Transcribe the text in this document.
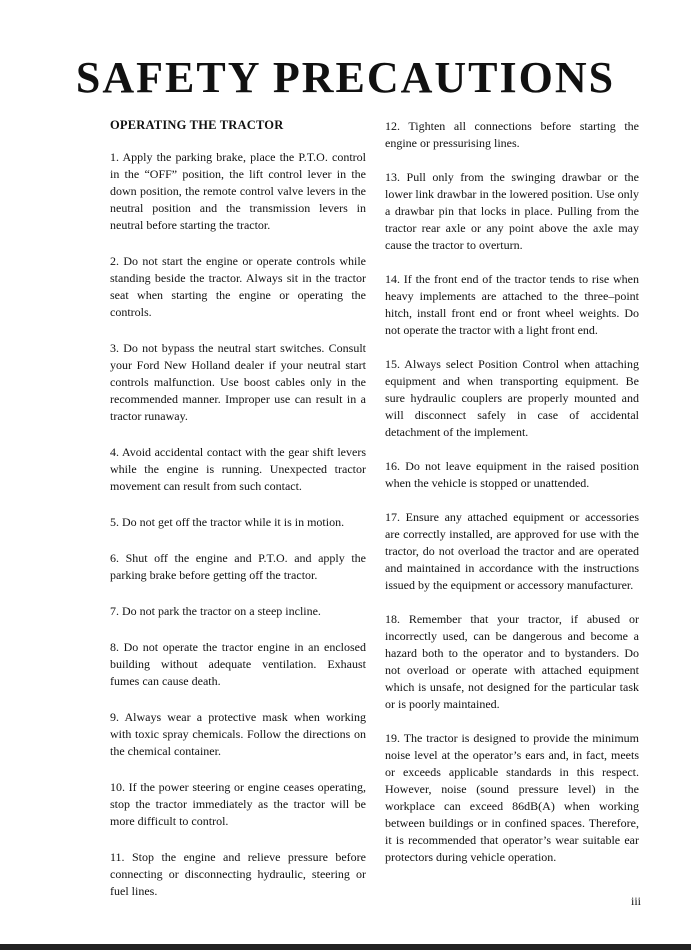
SAFETY PRECAUTIONS
OPERATING THE TRACTOR

1. Apply the parking brake, place the P.T.O. control in the “OFF” position, the lift control lever in the down position, the remote control valve levers in the neutral position and the transmission levers in neutral before starting the tractor.

2. Do not start the engine or operate controls while standing beside the tractor. Always sit in the tractor seat when starting the engine or operating the controls.

3. Do not bypass the neutral start switches. Consult your Ford New Holland dealer if your neutral start controls malfunction. Use boost cables only in the recommended manner. Improper use can result in a tractor runaway.

4. Avoid accidental contact with the gear shift levers while the engine is running. Unexpected tractor movement can result from such contact.

5. Do not get off the tractor while it is in motion.

6. Shut off the engine and P.T.O. and apply the parking brake before getting off the tractor.

7. Do not park the tractor on a steep incline.

8. Do not operate the tractor engine in an enclosed building without adequate ventilation. Exhaust fumes can cause death.

9. Always wear a protective mask when working with toxic spray chemicals. Follow the directions on the chemical container.

10. If the power steering or engine ceases operating, stop the tractor immediately as the tractor will be more difficult to control.

11. Stop the engine and relieve pressure before connecting or disconnecting hydraulic, steering or fuel lines.

12. Tighten all connections before starting the engine or pressurising lines.

13. Pull only from the swinging drawbar or the lower link drawbar in the lowered position. Use only a drawbar pin that locks in place. Pulling from the tractor rear axle or any point above the axle may cause the tractor to overturn.

14. If the front end of the tractor tends to rise when heavy implements are attached to the three–point hitch, install front end or front wheel weights. Do not operate the tractor with a light front end.

15. Always select Position Control when attaching equipment and when transporting equipment. Be sure hydraulic couplers are properly mounted and will disconnect safely in case of accidental detachment of the implement.

16. Do not leave equipment in the raised position when the vehicle is stopped or unattended.

17. Ensure any attached equipment or accessories are correctly installed, are approved for use with the tractor, do not overload the tractor and are operated and maintained in accordance with the instructions issued by the equipment or accessory manufacturer.

18. Remember that your tractor, if abused or incorrectly used, can be dangerous and become a hazard both to the operator and to bystanders. Do not overload or operate with attached equipment which is unsafe, not designed for the particular task or is poorly maintained.

19. The tractor is designed to provide the minimum noise level at the operator’s ears and, in fact, meets or exceeds applicable standards in this respect. However, noise (sound pressure level) in the workplace can exceed 86dB(A) when working between buildings or in confined spaces. Therefore, it is recommended that operator’s wear suitable ear protectors during vehicle operation.

iii
